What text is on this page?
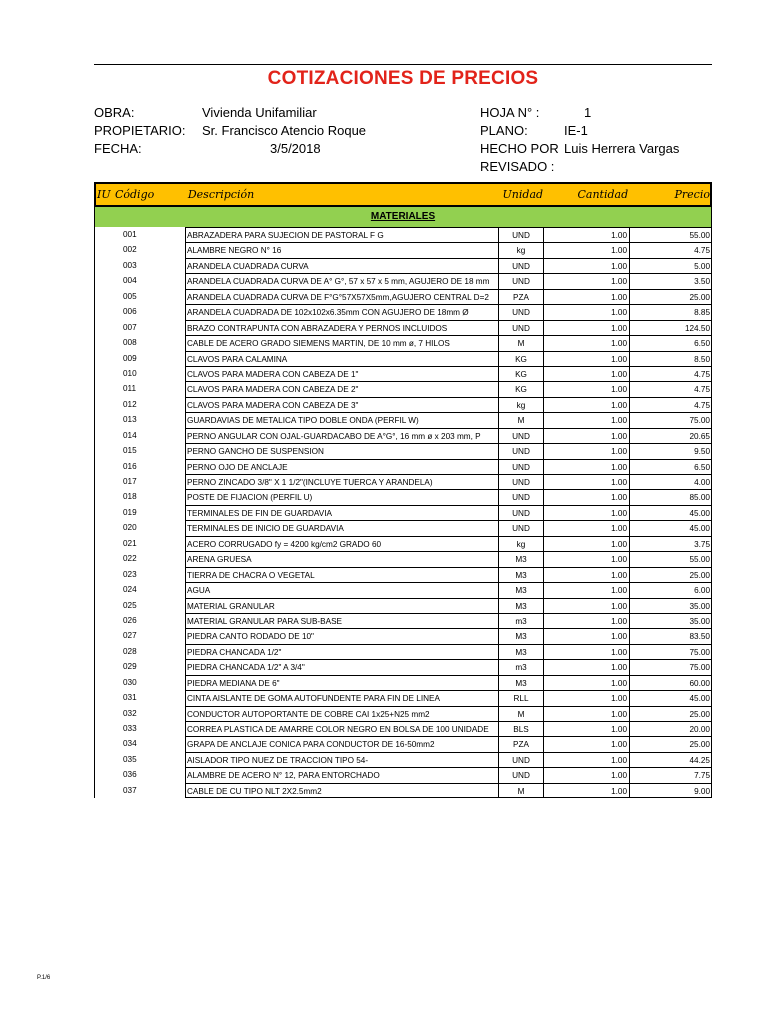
COTIZACIONES DE PRECIOS
OBRA:	Vivienda Unifamiliar
PROPIETARIO: Sr. Francisco Atencio Roque
FECHA:	3/5/2018
HOJA N° :	1
PLANO:	IE-1
HECHO POR Luis Herrera Vargas
REVISADO :
IU Código	Descripción	Unidad	Cantidad	Precio
MATERIALES
001	ABRAZADERA PARA SUJECION DE PASTORAL F G	UND	1.00	55.00
002	ALAMBRE NEGRO N° 16	kg	1.00	4.75
003	ARANDELA CUADRADA CURVA	UND	1.00	5.00
004	ARANDELA CUADRADA CURVA DE A° G°, 57 x 57 x 5 mm, AGUJERO DE 18 mm	UND	1.00	3.50
005	ARANDELA CUADRADA CURVA DE F°G°57X57X5mm,AGUJERO CENTRAL D=2	PZA	1.00	25.00
006	ARANDELA CUADRADA DE 102x102x6.35mm CON AGUJERO DE 18mm Ø	UND	1.00	8.85
007	BRAZO CONTRAPUNTA CON ABRAZADERA Y PERNOS INCLUIDOS	UND	1.00	124.50
008	CABLE DE ACERO GRADO SIEMENS MARTIN, DE 10 mm ø, 7 HILOS	M	1.00	6.50
009	CLAVOS PARA CALAMINA	KG	1.00	8.50
010	CLAVOS PARA MADERA CON CABEZA DE 1"	KG	1.00	4.75
011	CLAVOS PARA MADERA CON CABEZA DE 2"	KG	1.00	4.75
012	CLAVOS PARA MADERA CON CABEZA DE 3"	kg	1.00	4.75
013	GUARDAVIAS DE METALICA TIPO DOBLE ONDA (PERFIL W)	M	1.00	75.00
014	PERNO ANGULAR CON OJAL-GUARDACABO DE A°G°, 16 mm ø x 203 mm, P	UND	1.00	20.65
015	PERNO GANCHO DE SUSPENSION	UND	1.00	9.50
016	PERNO OJO DE ANCLAJE	UND	1.00	6.50
017	PERNO ZINCADO 3/8" X 1 1/2"(INCLUYE TUERCA Y ARANDELA)	UND	1.00	4.00
018	POSTE DE FIJACION (PERFIL U)	UND	1.00	85.00
019	TERMINALES DE FIN DE GUARDAVIA	UND	1.00	45.00
020	TERMINALES DE INICIO DE GUARDAVIA	UND	1.00	45.00
021	ACERO CORRUGADO fy = 4200 kg/cm2 GRADO 60	kg	1.00	3.75
022	ARENA GRUESA	M3	1.00	55.00
023	TIERRA DE CHACRA O VEGETAL	M3	1.00	25.00
024	AGUA	M3	1.00	6.00
025	MATERIAL GRANULAR	M3	1.00	35.00
026	MATERIAL GRANULAR PARA SUB-BASE	m3	1.00	35.00
027	PIEDRA CANTO RODADO DE 10"	M3	1.00	83.50
028	PIEDRA CHANCADA 1/2"	M3	1.00	75.00
029	PIEDRA CHANCADA 1/2" A 3/4"	m3	1.00	75.00
030	PIEDRA MEDIANA DE 6"	M3	1.00	60.00
031	CINTA AISLANTE DE GOMA AUTOFUNDENTE PARA FIN DE LINEA	RLL	1.00	45.00
032	CONDUCTOR AUTOPORTANTE DE COBRE CAI 1x25+N25 mm2	M	1.00	25.00
033	CORREA PLASTICA DE AMARRE COLOR NEGRO EN BOLSA DE 100 UNIDADE	BLS	1.00	20.00
034	GRAPA DE ANCLAJE CONICA PARA CONDUCTOR DE 16-50mm2	PZA	1.00	25.00
035	AISLADOR TIPO NUEZ DE TRACCION TIPO 54-	UND	1.00	44.25
036	ALAMBRE DE ACERO N° 12, PARA ENTORCHADO	UND	1.00	7.75
037	CABLE DE CU TIPO NLT 2X2.5mm2	M	1.00	9.00
P.1/6
